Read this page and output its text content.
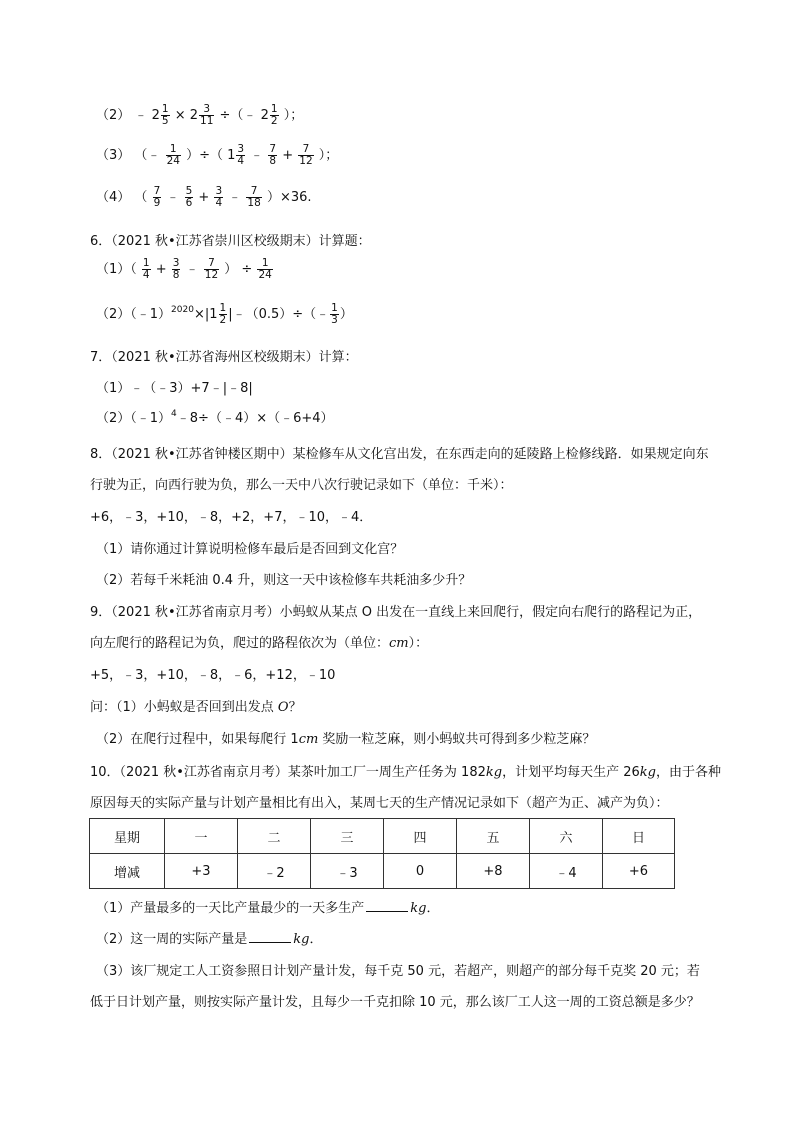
（2） ﹣ $2 \frac{1}{5} \times 2 \frac{3}{11}$ ÷（﹣ $2 \frac{1}{2}$ ）；
（3） （﹣ $\frac{1}{24}$ ）÷（ $1 \frac{3}{4}$ ﹣ $\frac{7}{8} + \frac{7}{12}$ ）；
（4） （ $\frac{7}{9}$ ﹣ $\frac{5}{6} + \frac{3}{4}$ ﹣ $\frac{7}{18} )\times 36$.
6．（2021 秋•江苏省崇川区校级期末）计算题：
$(1)( \frac{1}{4} + \frac{3}{8}$ ﹣ $\frac{7}{12}$ ） ÷ $\frac{1}{24}$
（2）（﹣1）$^{2020}$×|1 $\frac{1}{2}$ |﹣（0.5）÷（﹣ $\frac{1}{3}$ ）
7．（2021 秋•江苏省海州区校级期末）计算：
（1）﹣（﹣3）+7﹣|﹣8|
（2）（﹣1）$^4$﹣8÷（﹣4）×（﹣6+4）
8．（2021 秋•江苏省钟楼区期中）某检修车从文化宫出发，在东西走向的延陵路上检修线路．如果规定向东
行驶为正，向西行驶为负，那么一天中八次行驶记录如下（单位：千米）：
+6，﹣3，+10，﹣8，+2，+7，﹣10，﹣4．
（1）请你通过计算说明检修车最后是否回到文化宫？
（2）若每千米耗油 0.4 升，则这一天中该检修车共耗油多少升？
9．（2021 秋•江苏省南京月考）小蚂蚁从某点 O 出发在一直线上来回爬行，假定向右爬行的路程记为正，
向左爬行的路程记为负，爬过的路程依次为（单位：cm）：
+5，﹣3，+10，﹣8，﹣6，+12，﹣10
问：（1）小蚂蚁是否回到出发点 O？
（2）在爬行过程中，如果每爬行 1cm 奖励一粒芝麻，则小蚂蚁共可得到多少粒芝麻？
10．（2021 秋•江苏省南京月考）某茶叶加工厂一周生产任务为 182kg，计划平均每天生产 26kg，由于各种
原因每天的实际产量与计划产量相比有出入，某周七天的生产情况记录如下（超产为正、减产为负）：
星期	一	二	三	四	五	六	日
增减	+3	﹣2	﹣3	0	+8	﹣4	+6
（1）产量最多的一天比产量最少的一天多生产	kg．
（2）这一周的实际产量是	kg．
（3）该厂规定工人工资参照日计划产量计发，每千克 50 元，若超产，则超产的部分每千克奖 20 元；若
低于日计划产量，则按实际产量计发，且每少一千克扣除 10 元，那么该厂工人这一周的工资总额是多少？
